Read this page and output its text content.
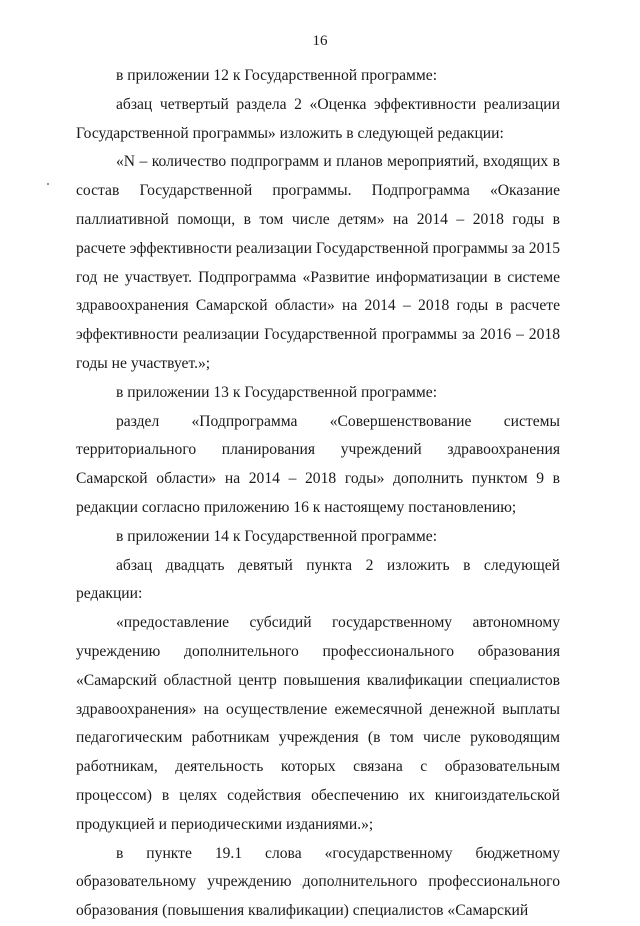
16

в приложении 12 к Государственной программе:

абзац четвертый раздела 2 «Оценка эффективности реализации Государственной программы» изложить в следующей редакции:

«N – количество подпрограмм и планов мероприятий, входящих в состав Государственной программы. Подпрограмма «Оказание паллиативной помощи, в том числе детям» на 2014 – 2018 годы в расчете эффективности реализации Государственной программы за 2015 год не участвует. Подпрограмма «Развитие информатизации в системе здравоохранения Самарской области» на 2014 – 2018 годы в расчете эффективности реализации Государственной программы за 2016 – 2018 годы не участвует.»;

в приложении 13 к Государственной программе:

раздел «Подпрограмма «Совершенствование системы территориального планирования учреждений здравоохранения Самарской области» на 2014 – 2018 годы» дополнить пунктом 9 в редакции согласно приложению 16 к настоящему постановлению;

в приложении 14 к Государственной программе:

абзац двадцать девятый пункта 2 изложить в следующей редакции:

«предоставление субсидий государственному автономному учреждению дополнительного профессионального образования «Самарский областной центр повышения квалификации специалистов здравоохранения» на осуществление ежемесячной денежной выплаты педагогическим работникам учреждения (в том числе руководящим работникам, деятельность которых связана с образовательным процессом) в целях содействия обеспечению их книгоиздательской продукцией и периодическими изданиями.»;

в пункте 19.1 слова «государственному бюджетному образовательному учреждению дополнительного профессионального образования (повышения квалификации) специалистов «Самарский
